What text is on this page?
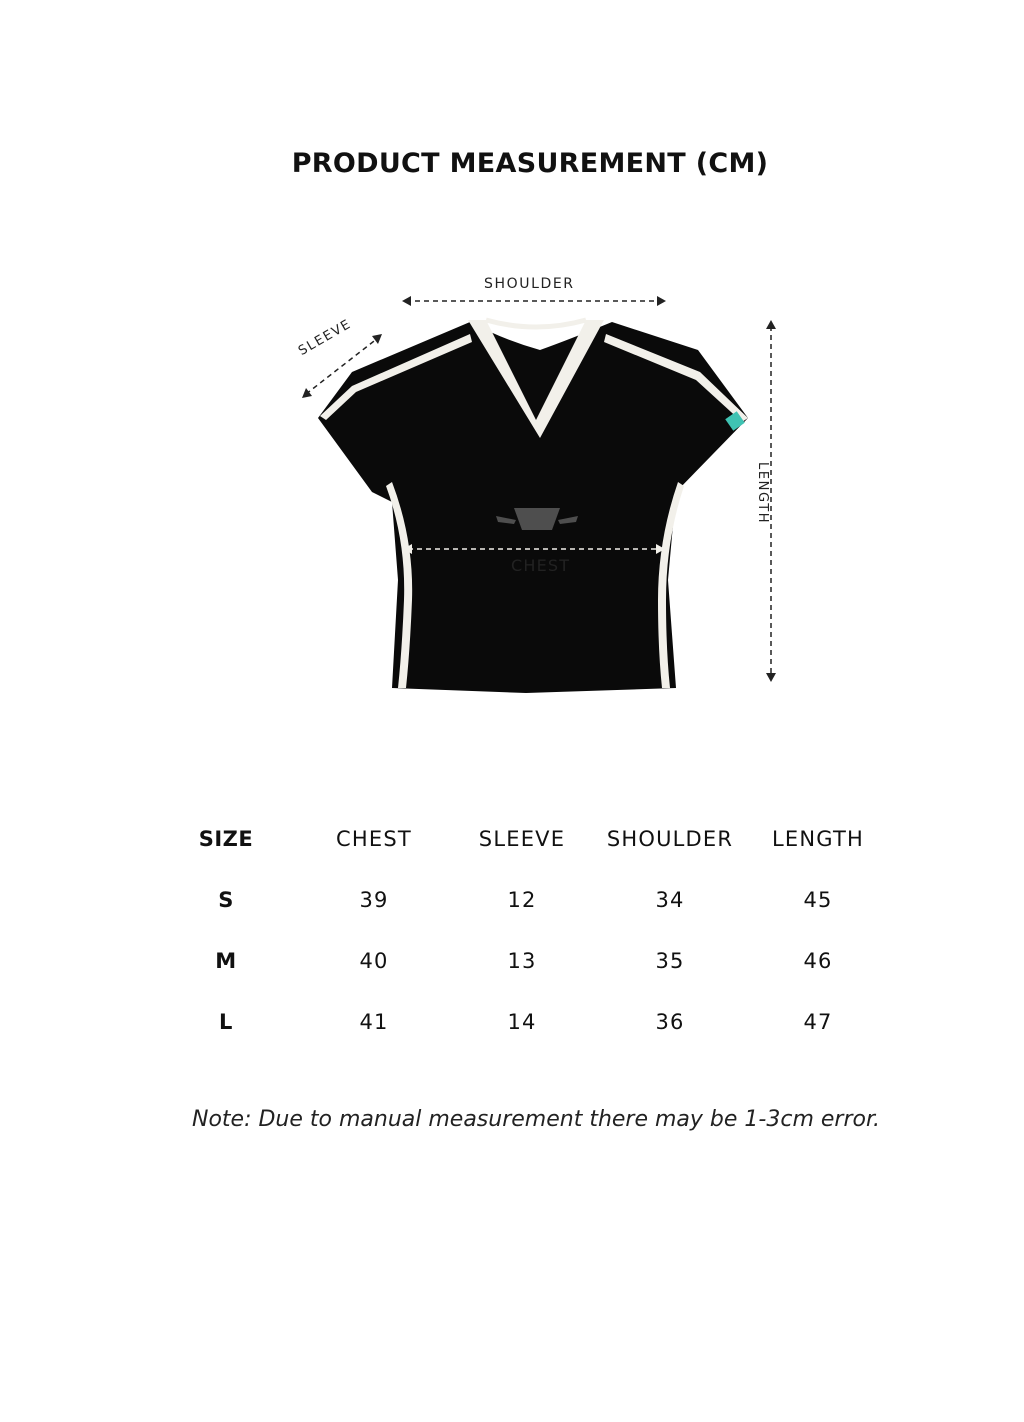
PRODUCT MEASUREMENT (CM)
SHOULDER
SLEEVE
CHEST
LENGTH
SIZE	CHEST	SLEEVE	SHOULDER	LENGTH
S	39	12	34	45
M	40	13	35	46
L	41	14	36	47
Note: Due to manual measurement there may be 1-3cm error.
